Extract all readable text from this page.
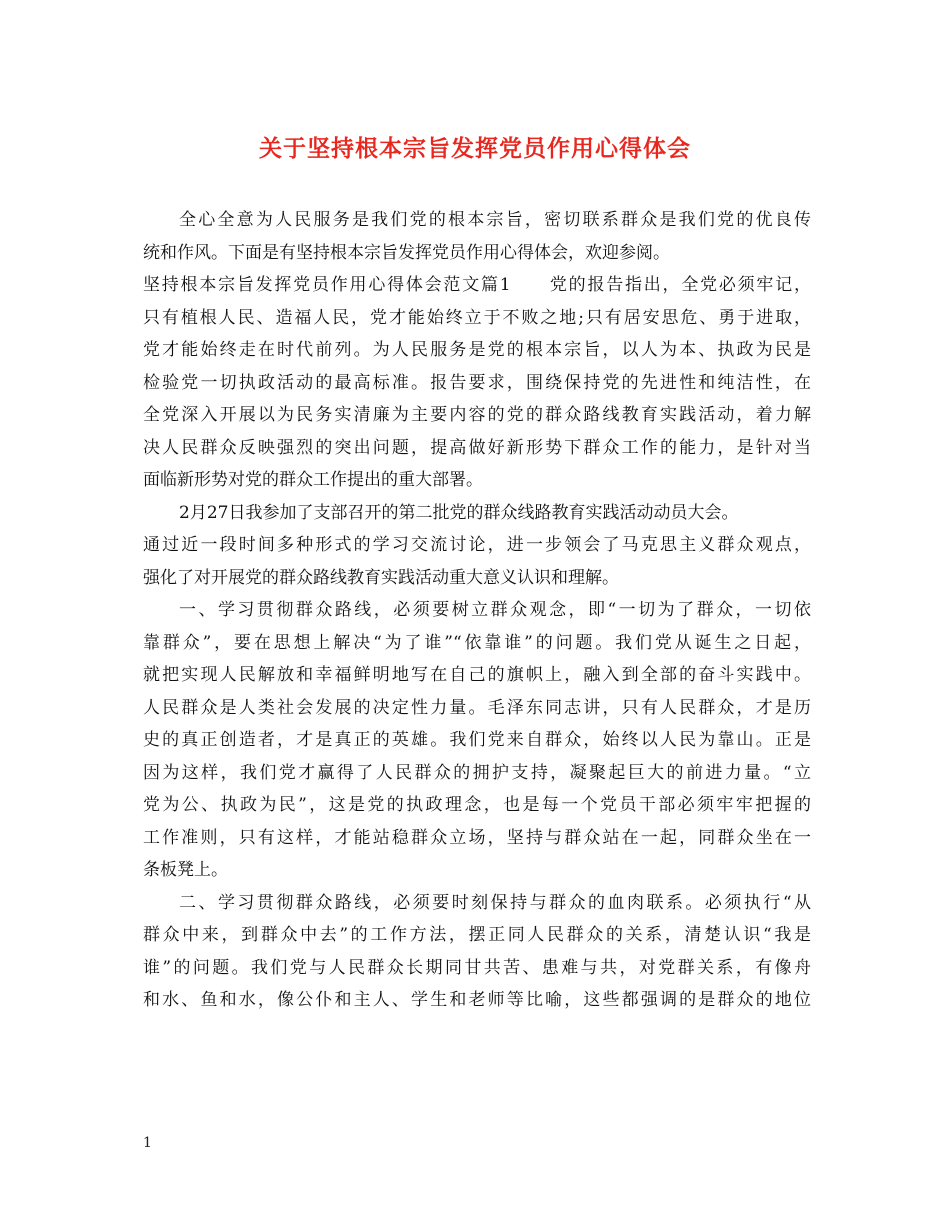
关于坚持根本宗旨发挥党员作用心得体会
全心全意为人民服务是我们党的根本宗旨，密切联系群众是我们党的优良传
统和作风。下面是有坚持根本宗旨发挥党员作用心得体会，欢迎参阅。
坚持根本宗旨发挥党员作用心得体会范文篇1　　党的报告指出，全党必须牢记，
只有植根人民、造福人民，党才能始终立于不败之地;只有居安思危、勇于进取，
党才能始终走在时代前列。为人民服务是党的根本宗旨，以人为本、执政为民是
检验党一切执政活动的最高标准。报告要求，围绕保持党的先进性和纯洁性，在
全党深入开展以为民务实清廉为主要内容的党的群众路线教育实践活动，着力解
决人民群众反映强烈的突出问题，提高做好新形势下群众工作的能力，是针对当
面临新形势对党的群众工作提出的重大部署。
2月27日我参加了支部召开的第二批党的群众线路教育实践活动动员大会。
通过近一段时间多种形式的学习交流讨论，进一步领会了马克思主义群众观点，
强化了对开展党的群众路线教育实践活动重大意义认识和理解。
一、学习贯彻群众路线，必须要树立群众观念，即“一切为了群众，一切依
靠群众”，要在思想上解决“为了谁”“依靠谁”的问题。我们党从诞生之日起，
就把实现人民解放和幸福鲜明地写在自己的旗帜上，融入到全部的奋斗实践中。
人民群众是人类社会发展的决定性力量。毛泽东同志讲，只有人民群众，才是历
史的真正创造者，才是真正的英雄。我们党来自群众，始终以人民为靠山。正是
因为这样，我们党才赢得了人民群众的拥护支持，凝聚起巨大的前进力量。“立
党为公、执政为民”，这是党的执政理念，也是每一个党员干部必须牢牢把握的
工作准则，只有这样，才能站稳群众立场，坚持与群众站在一起，同群众坐在一
条板凳上。
二、学习贯彻群众路线，必须要时刻保持与群众的血肉联系。必须执行“从
群众中来，到群众中去”的工作方法，摆正同人民群众的关系，清楚认识“我是
谁”的问题。我们党与人民群众长期同甘共苦、患难与共，对党群关系，有像舟
和水、鱼和水，像公仆和主人、学生和老师等比喻，这些都强调的是群众的地位
1
